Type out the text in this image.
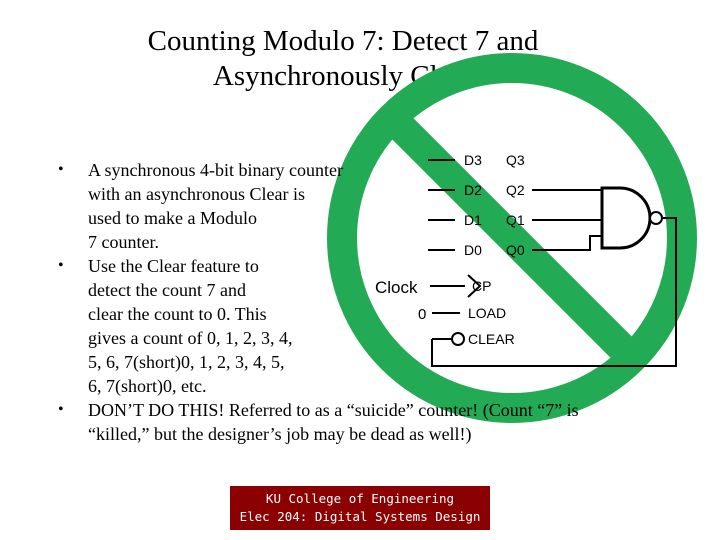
Counting Modulo 7: Detect 7 and
Asynchronously Clear
D3 Q3
D2 Q2
D1 Q1
D0 Q0
CP
LOAD
CLEAR
Clock
0
• A synchronous 4-bit binary counter
with an asynchronous Clear is
used to make a Modulo
7 counter.
• Use the Clear feature to
detect the count 7 and
clear the count to 0. This
gives a count of 0, 1, 2, 3, 4,
5, 6, 7(short)0, 1, 2, 3, 4, 5,
6, 7(short)0, etc.
• DON’T DO THIS! Referred to as a “suicide” counter! (Count “7” is
“killed,” but the designer’s job may be dead as well!)
KU College of Engineering
Elec 204: Digital Systems Design
